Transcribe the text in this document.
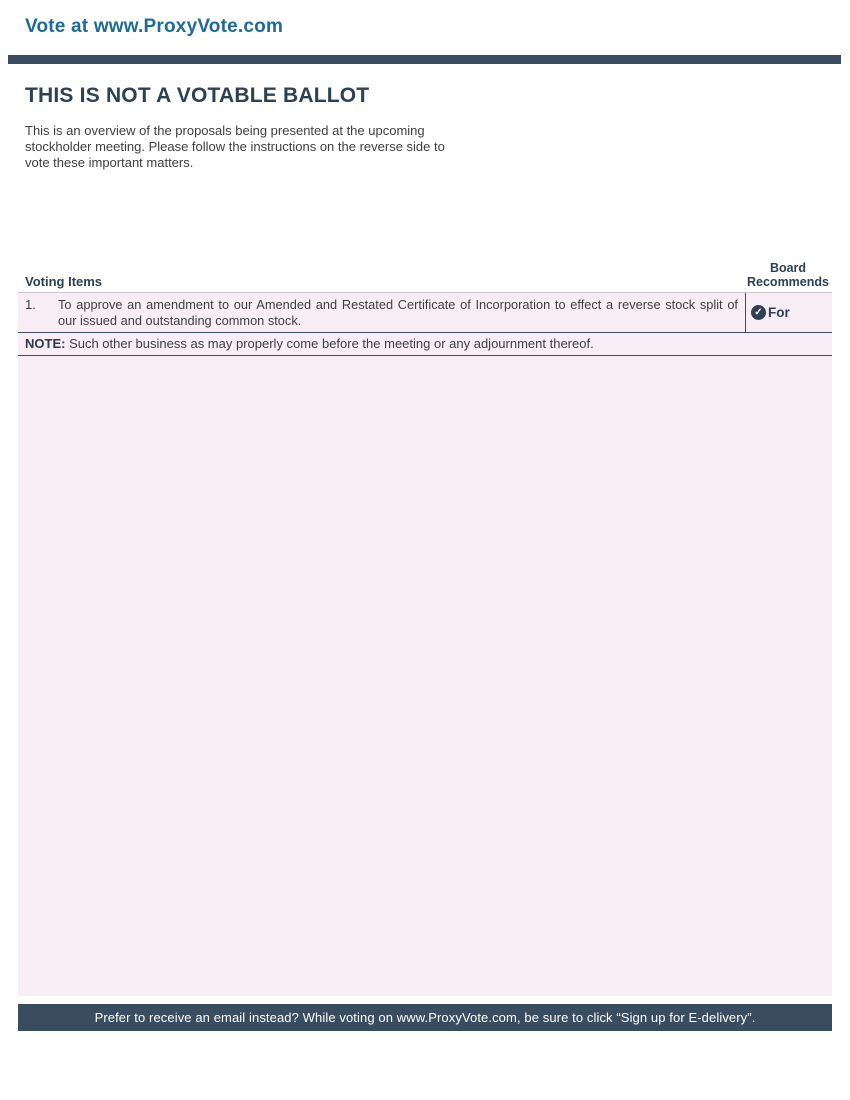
Vote at www.ProxyVote.com
THIS IS NOT A VOTABLE BALLOT
This is an overview of the proposals being presented at the upcoming stockholder meeting. Please follow the instructions on the reverse side to vote these important matters.
Voting Items
Board Recommends
1.	To approve an amendment to our Amended and Restated Certificate of Incorporation to effect a reverse stock split of our issued and outstanding common stock.	✓ For
NOTE: Such other business as may properly come before the meeting or any adjournment thereof.
Prefer to receive an email instead? While voting on www.ProxyVote.com, be sure to click “Sign up for E-delivery”.
